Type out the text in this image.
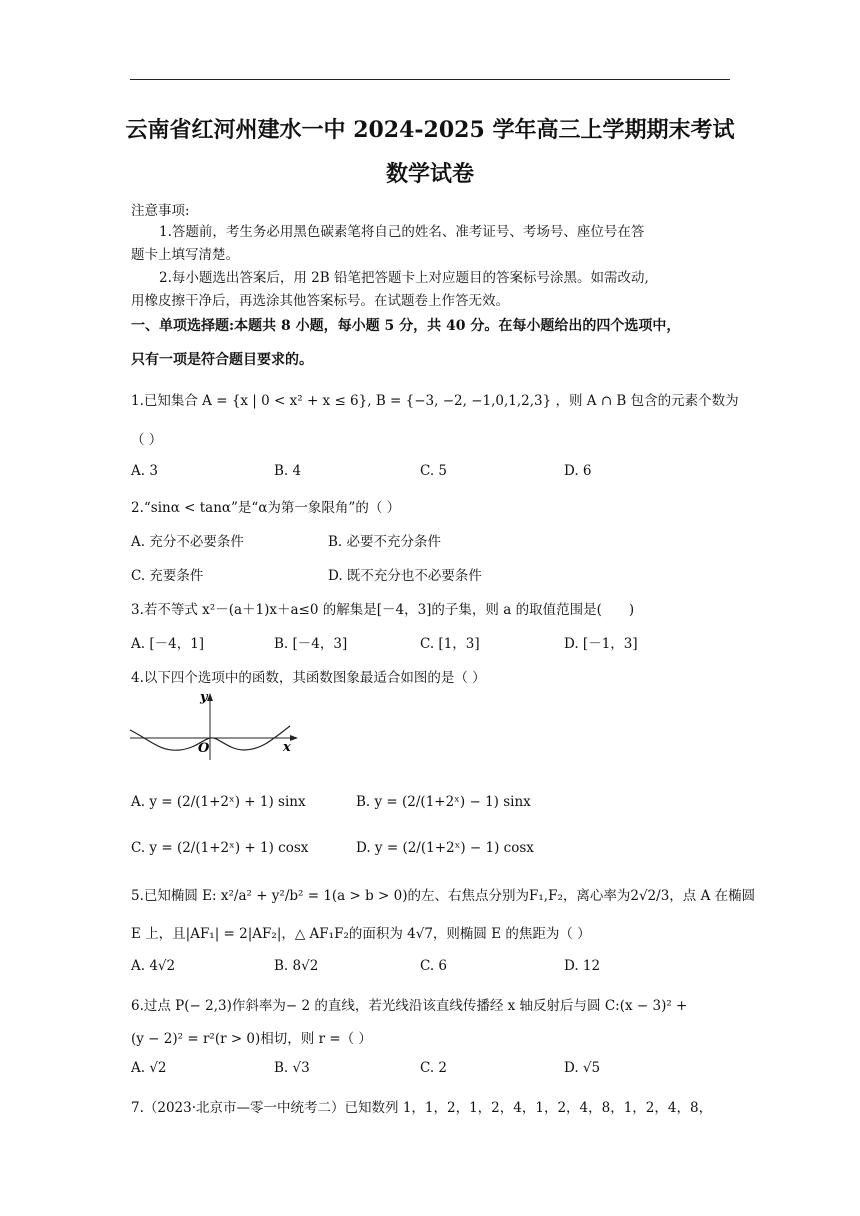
云南省红河州建水一中 2024-2025 学年高三上学期期末考试
数学试卷
注意事项:
1.答题前，考生务必用黑色碳素笔将自己的姓名、准考证号、考场号、座位号在答
题卡上填写清楚。
2.每小题选出答案后，用 2B 铅笔把答题卡上对应题目的答案标号涂黑。如需改动,
用橡皮擦干净后，再选涂其他答案标号。在试题卷上作答无效。
一、单项选择题:本题共 8 小题，每小题 5 分，共 40 分。在每小题给出的四个选项中，
只有一项是符合题目要求的。
1.已知集合 A = {x | 0 < x² + x ≤ 6}, B = {−3, −2, −1,0,1,2,3} ，则 A ∩ B 包含的元素个数为
（ ）
A. 3	B. 4	C. 5	D. 6
2.“sinα < tanα”是“α为第一象限角”的（ ）
A. 充分不必要条件	B. 必要不充分条件
C. 充要条件	D. 既不充分也不必要条件
3.若不等式 x²－(a＋1)x＋a≤0 的解集是[－4，3]的子集，则 a 的取值范围是(　　)
A. [－4，1]	B. [－4，3]	C. [1，3]	D. [－1，3]
4.以下四个选项中的函数，其函数图象最适合如图的是（ ）
y
x
O
A. y = (2/(1+2ˣ) + 1) sinx	B. y = (2/(1+2ˣ) − 1) sinx
C. y = (2/(1+2ˣ) + 1) cosx	D. y = (2/(1+2ˣ) − 1) cosx
5.已知椭圆 E: x²/a² + y²/b² = 1(a > b > 0)的左、右焦点分别为F₁,F₂，离心率为2√2/3，点 A 在椭圆
E 上，且|AF₁| = 2|AF₂|，△ AF₁F₂的面积为 4√7，则椭圆 E 的焦距为（ ）
A. 4√2	B. 8√2	C. 6	D. 12
6.过点 P(− 2,3)作斜率为− 2 的直线，若光线沿该直线传播经 x 轴反射后与圆 C:(x − 3)² +
(y − 2)² = r²(r > 0)相切，则 r =（ ）
A. √2	B. √3	C. 2	D. √5
7.（2023·北京市—零一中统考二）已知数列 1，1，2，1，2，4，1，2，4，8，1，2，4，8，
